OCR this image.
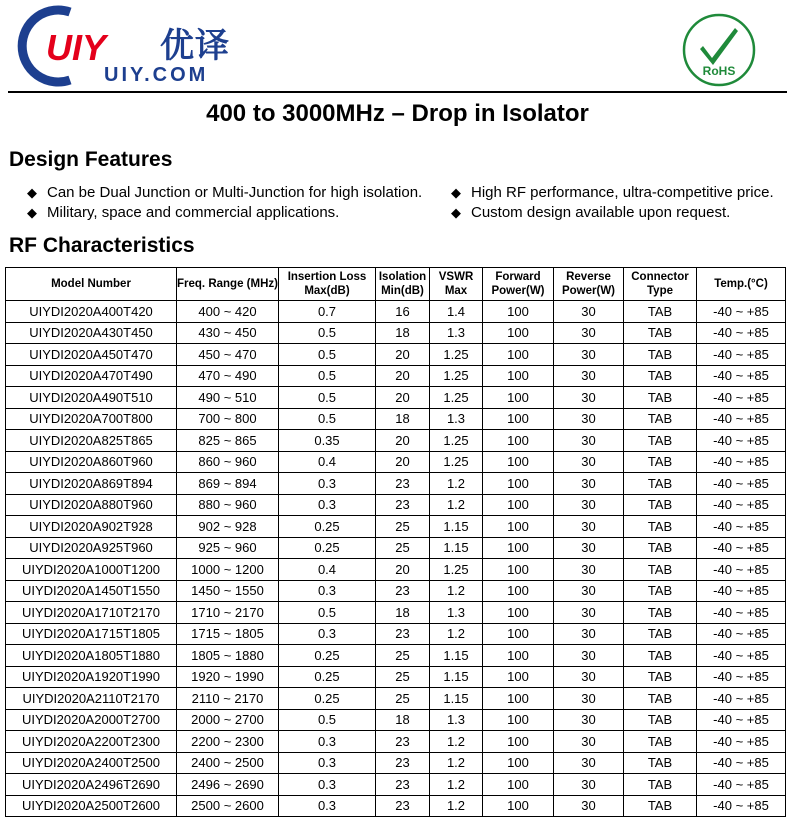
UIY 优译
UIY.COM	RoHS
400 to 3000MHz – Drop in Isolator
Design Features
◆ Can be Dual Junction or Multi-Junction for high isolation. ◆ High RF performance, ultra-competitive price.
◆ Military, space and commercial applications.	◆ Custom design available upon request.
RF Characteristics
Model Number	Freq. Range (MHz)	Insertion Loss Max(dB)	Isolation Min(dB)	VSWR Max	Forward Power(W)	Reverse Power(W)	Connector Type	Temp.(°C)
UIYDI2020A400T420	400 ~ 420	0.7	16	1.4	100	30	TAB	-40 ~ +85
UIYDI2020A430T450	430 ~ 450	0.5	18	1.3	100	30	TAB	-40 ~ +85
UIYDI2020A450T470	450 ~ 470	0.5	20	1.25	100	30	TAB	-40 ~ +85
UIYDI2020A470T490	470 ~ 490	0.5	20	1.25	100	30	TAB	-40 ~ +85
UIYDI2020A490T510	490 ~ 510	0.5	20	1.25	100	30	TAB	-40 ~ +85
UIYDI2020A700T800	700 ~ 800	0.5	18	1.3	100	30	TAB	-40 ~ +85
UIYDI2020A825T865	825 ~ 865	0.35	20	1.25	100	30	TAB	-40 ~ +85
UIYDI2020A860T960	860 ~ 960	0.4	20	1.25	100	30	TAB	-40 ~ +85
UIYDI2020A869T894	869 ~ 894	0.3	23	1.2	100	30	TAB	-40 ~ +85
UIYDI2020A880T960	880 ~ 960	0.3	23	1.2	100	30	TAB	-40 ~ +85
UIYDI2020A902T928	902 ~ 928	0.25	25	1.15	100	30	TAB	-40 ~ +85
UIYDI2020A925T960	925 ~ 960	0.25	25	1.15	100	30	TAB	-40 ~ +85
UIYDI2020A1000T1200	1000 ~ 1200	0.4	20	1.25	100	30	TAB	-40 ~ +85
UIYDI2020A1450T1550	1450 ~ 1550	0.3	23	1.2	100	30	TAB	-40 ~ +85
UIYDI2020A1710T2170	1710 ~ 2170	0.5	18	1.3	100	30	TAB	-40 ~ +85
UIYDI2020A1715T1805	1715 ~ 1805	0.3	23	1.2	100	30	TAB	-40 ~ +85
UIYDI2020A1805T1880	1805 ~ 1880	0.25	25	1.15	100	30	TAB	-40 ~ +85
UIYDI2020A1920T1990	1920 ~ 1990	0.25	25	1.15	100	30	TAB	-40 ~ +85
UIYDI2020A2110T2170	2110 ~ 2170	0.25	25	1.15	100	30	TAB	-40 ~ +85
UIYDI2020A2000T2700	2000 ~ 2700	0.5	18	1.3	100	30	TAB	-40 ~ +85
UIYDI2020A2200T2300	2200 ~ 2300	0.3	23	1.2	100	30	TAB	-40 ~ +85
UIYDI2020A2400T2500	2400 ~ 2500	0.3	23	1.2	100	30	TAB	-40 ~ +85
UIYDI2020A2496T2690	2496 ~ 2690	0.3	23	1.2	100	30	TAB	-40 ~ +85
UIYDI2020A2500T2600	2500 ~ 2600	0.3	23	1.2	100	30	TAB	-40 ~ +85
